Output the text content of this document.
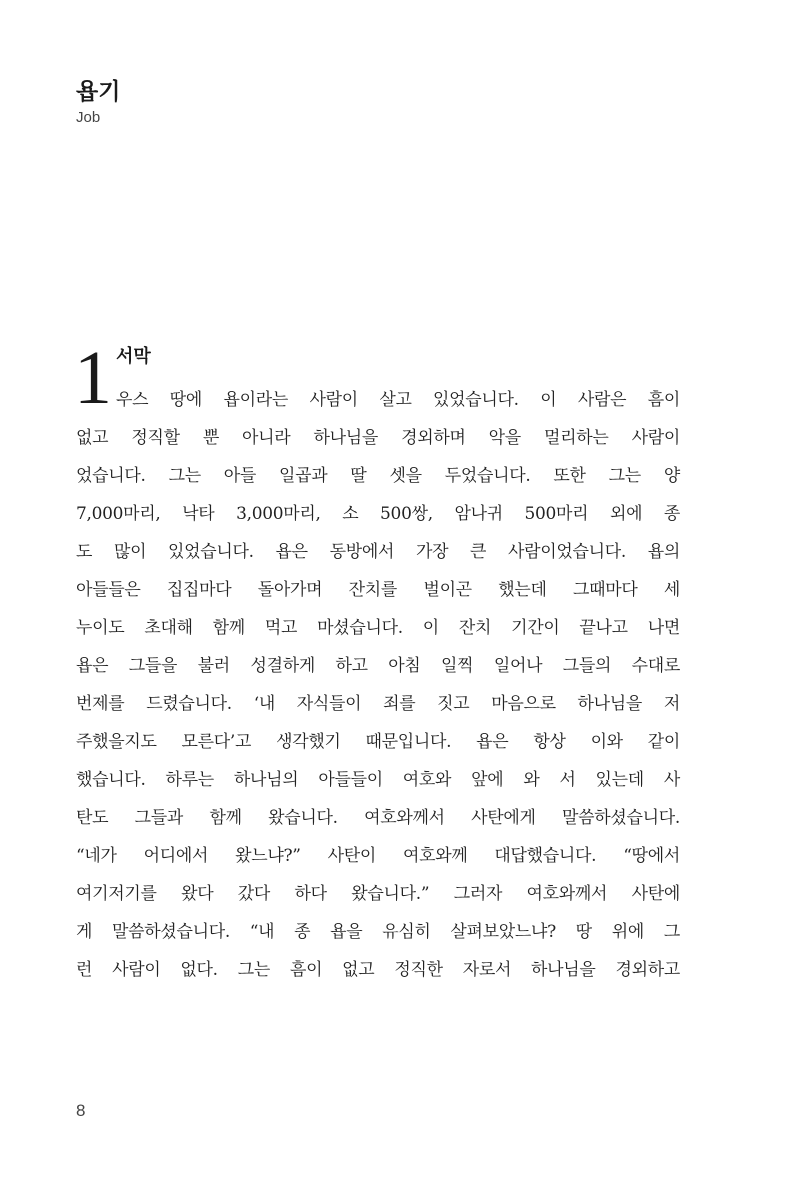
욥기
Job
1 서막
우스 땅에 욥이라는 사람이 살고 있었습니다. 이 사람은 흠이
없고 정직할 뿐 아니라 하나님을 경외하며 악을 멀리하는 사람이
었습니다. 그는 아들 일곱과 딸 셋을 두었습니다. 또한 그는 양
7,000마리, 낙타 3,000마리, 소 500쌍, 암나귀 500마리 외에 종
도 많이 있었습니다. 욥은 동방에서 가장 큰 사람이었습니다. 욥의
아들들은 집집마다 돌아가며 잔치를 벌이곤 했는데 그때마다 세
누이도 초대해 함께 먹고 마셨습니다. 이 잔치 기간이 끝나고 나면
욥은 그들을 불러 성결하게 하고 아침 일찍 일어나 그들의 수대로
번제를 드렸습니다. ‘내 자식들이 죄를 짓고 마음으로 하나님을 저
주했을지도 모른다’고 생각했기 때문입니다. 욥은 항상 이와 같이
했습니다. 하루는 하나님의 아들들이 여호와 앞에 와 서 있는데 사
탄도 그들과 함께 왔습니다. 여호와께서 사탄에게 말씀하셨습니다.
“네가 어디에서 왔느냐?” 사탄이 여호와께 대답했습니다. “땅에서
여기저기를 왔다 갔다 하다 왔습니다.” 그러자 여호와께서 사탄에
게 말씀하셨습니다. “내 종 욥을 유심히 살펴보았느냐? 땅 위에 그
런 사람이 없다. 그는 흠이 없고 정직한 자로서 하나님을 경외하고
8
